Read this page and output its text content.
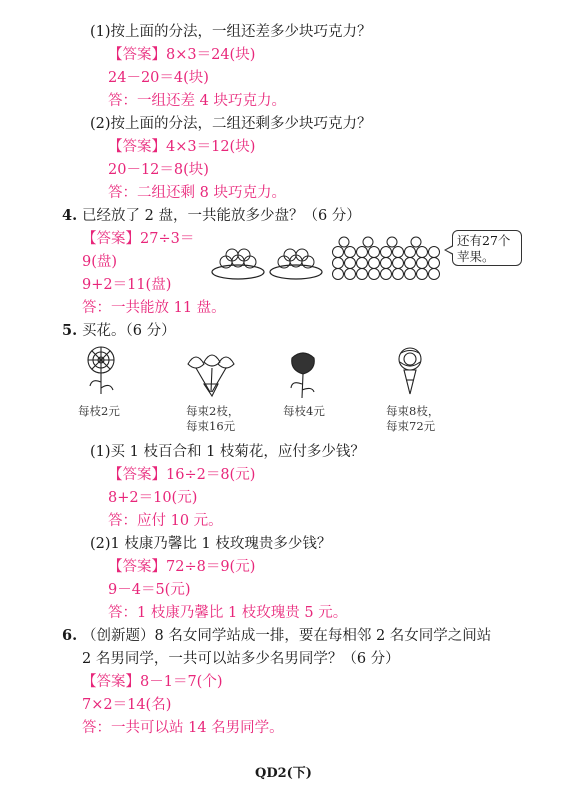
(1)按上面的分法，一组还差多少块巧克力？
【答案】8×3＝24(块)
24－20＝4(块)
答：一组还差 4 块巧克力。
(2)按上面的分法，二组还剩多少块巧克力？
【答案】4×3＝12(块)
20－12＝8(块)
答：二组还剩 8 块巧克力。
4. 已经放了 2 盘，一共能放多少盘？（6 分）
【答案】27÷3＝
9(盘)
9+2＝11(盘)
答：一共能放 11 盘。
还有27个
苹果。
5. 买花。（6 分）
每枝2元	每束2枝，
每束16元
每枝4元	每束8枝，
每束72元
(1)买 1 枝百合和 1 枝菊花，应付多少钱？
【答案】16÷2＝8(元)
8+2＝10(元)
答：应付 10 元。
(2)1 枝康乃馨比 1 枝玫瑰贵多少钱？
【答案】72÷8＝9(元)
9－4＝5(元)
答：1 枝康乃馨比 1 枝玫瑰贵 5 元。
6. （创新题）8 名女同学站成一排，要在每相邻 2 名女同学之间站
2 名男同学，一共可以站多少名男同学？（6 分）
【答案】8－1＝7(个)
7×2＝14(名)
答：一共可以站 14 名男同学。
QD2(下)
